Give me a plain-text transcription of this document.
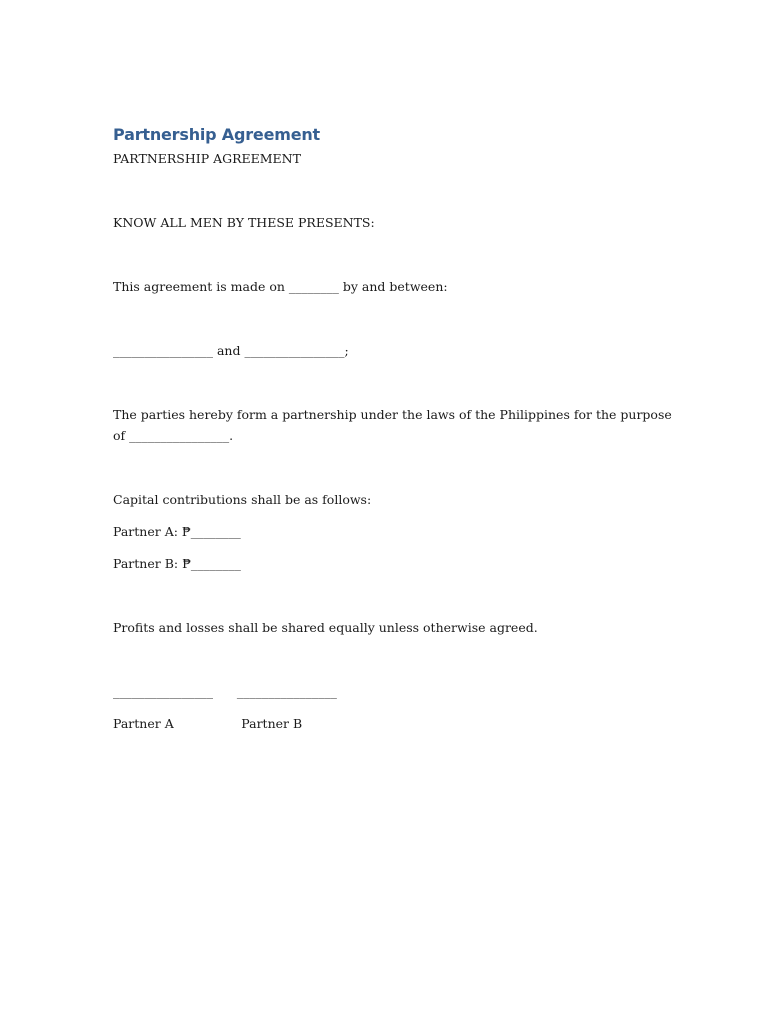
Partnership Agreement

PARTNERSHIP AGREEMENT

KNOW ALL MEN BY THESE PRESENTS:

This agreement is made on ________ by and between:

________________ and ________________;

The parties hereby form a partnership under the laws of the Philippines for the purpose of ________________.

Capital contributions shall be as follows:

Partner A: ₱________

Partner B: ₱________

Profits and losses shall be shared equally unless otherwise agreed.

________________      ________________

Partner A                 Partner B
